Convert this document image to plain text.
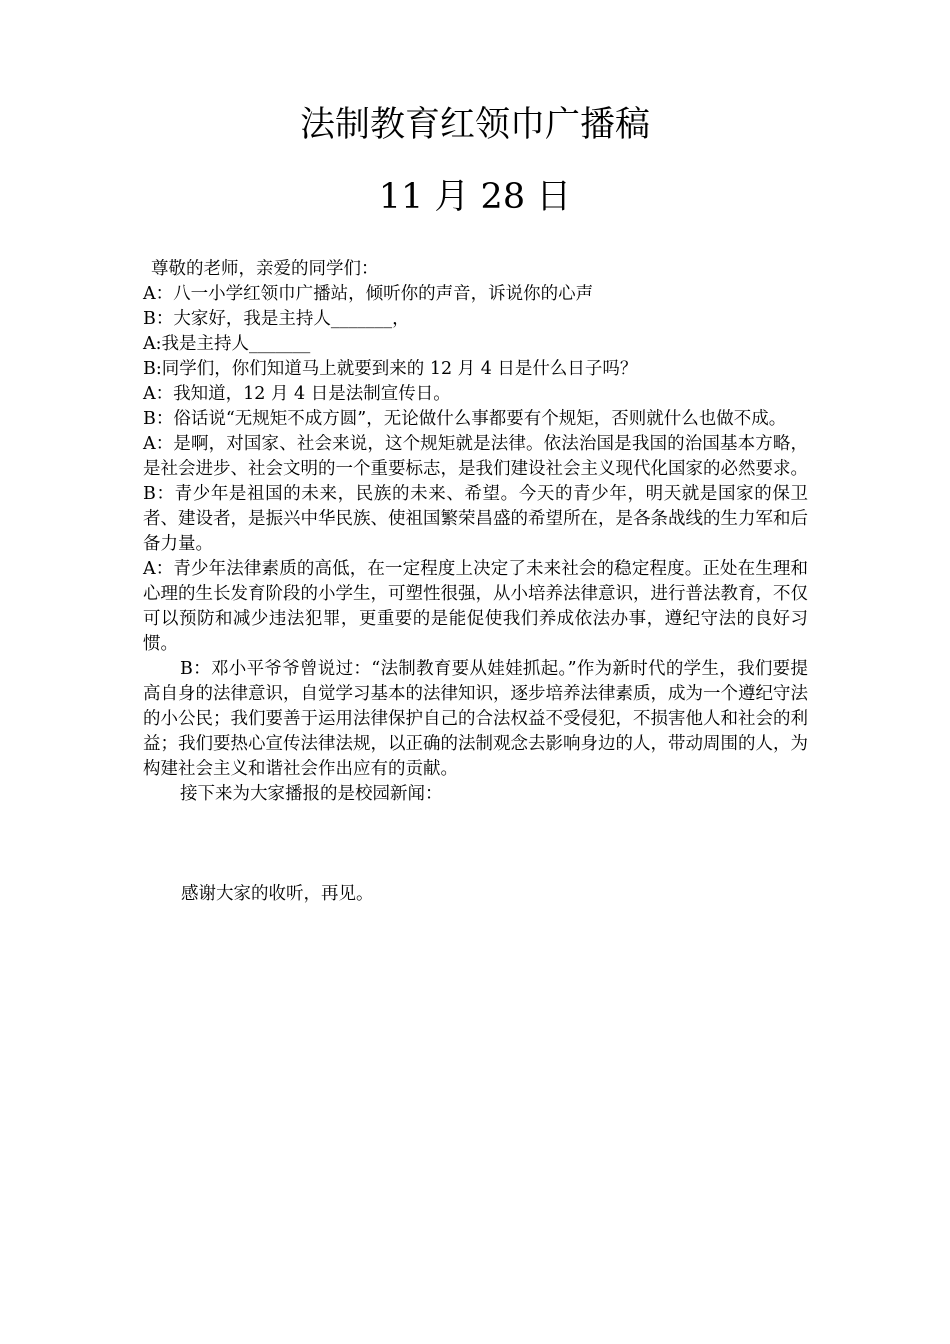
法制教育红领巾广播稿
11 月 28 日

尊敬的老师，亲爱的同学们：

A：八一小学红领巾广播站，倾听你的声音，诉说你的心声

B：大家好，我是主持人_______，

A:我是主持人_______

B:同学们，你们知道马上就要到来的 12 月 4 日是什么日子吗？

A：我知道，12 月 4 日是法制宣传日。

B：俗话说“无规矩不成方圆”，无论做什么事都要有个规矩，否则就什么也做不成。

A：是啊，对国家、社会来说，这个规矩就是法律。依法治国是我国的治国基本方略，是社会进步、社会文明的一个重要标志，是我们建设社会主义现代化国家的必然要求。

B：青少年是祖国的未来，民族的未来、希望。今天的青少年，明天就是国家的保卫者、建设者，是振兴中华民族、使祖国繁荣昌盛的希望所在，是各条战线的生力军和后备力量。

A：青少年法律素质的高低，在一定程度上决定了未来社会的稳定程度。正处在生理和心理的生长发育阶段的小学生，可塑性很强，从小培养法律意识，进行普法教育，不仅可以预防和减少违法犯罪，更重要的是能促使我们养成依法办事，遵纪守法的良好习惯。

B：邓小平爷爷曾说过：“法制教育要从娃娃抓起。”作为新时代的学生，我们要提高自身的法律意识，自觉学习基本的法律知识，逐步培养法律素质，成为一个遵纪守法的小公民；我们要善于运用法律保护自己的合法权益不受侵犯，不损害他人和社会的利益；我们要热心宣传法律法规，以正确的法制观念去影响身边的人，带动周围的人，为构建社会主义和谐社会作出应有的贡献。

接下来为大家播报的是校园新闻：

感谢大家的收听，再见。
